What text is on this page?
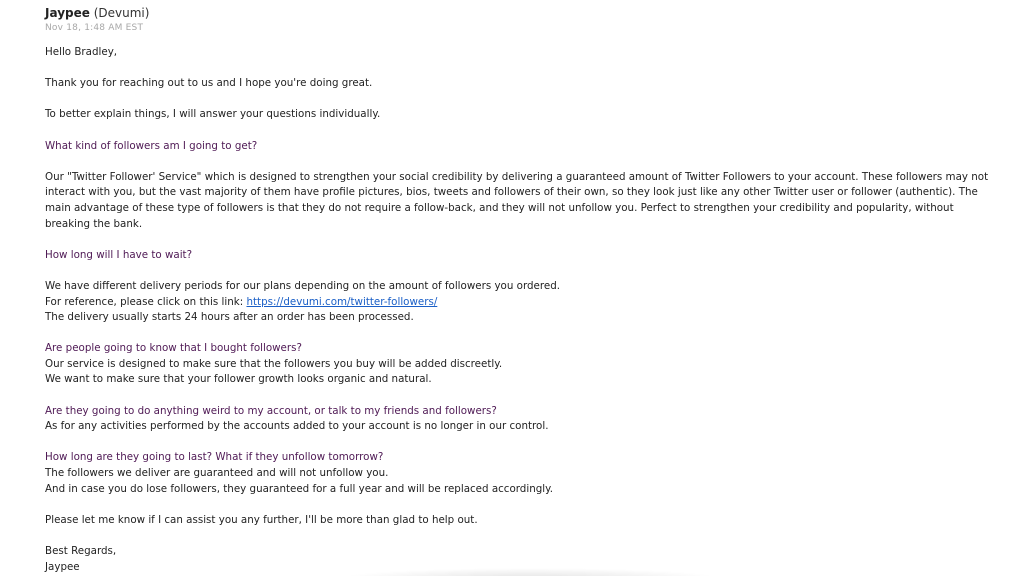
Jaypee (Devumi)
Nov 18, 1:48 AM EST
Hello Bradley,
Thank you for reaching out to us and I hope you're doing great.
To better explain things, I will answer your questions individually.
What kind of followers am I going to get?
Our "Twitter Follower' Service" which is designed to strengthen your social credibility by delivering a guaranteed amount of Twitter Followers to your account. These followers may not interact with you, but the vast majority of them have profile pictures, bios, tweets and followers of their own, so they look just like any other Twitter user or follower (authentic). The main advantage of these type of followers is that they do not require a follow-back, and they will not unfollow you. Perfect to strengthen your credibility and popularity, without breaking the bank.
How long will I have to wait?
We have different delivery periods for our plans depending on the amount of followers you ordered.
For reference, please click on this link: https://devumi.com/twitter-followers/
The delivery usually starts 24 hours after an order has been processed.
Are people going to know that I bought followers?
Our service is designed to make sure that the followers you buy will be added discreetly.
We want to make sure that your follower growth looks organic and natural.
Are they going to do anything weird to my account, or talk to my friends and followers?
As for any activities performed by the accounts added to your account is no longer in our control.
How long are they going to last? What if they unfollow tomorrow?
The followers we deliver are guaranteed and will not unfollow you.
And in case you do lose followers, they guaranteed for a full year and will be replaced accordingly.
Please let me know if I can assist you any further, I'll be more than glad to help out.
Best Regards,
Jaypee
